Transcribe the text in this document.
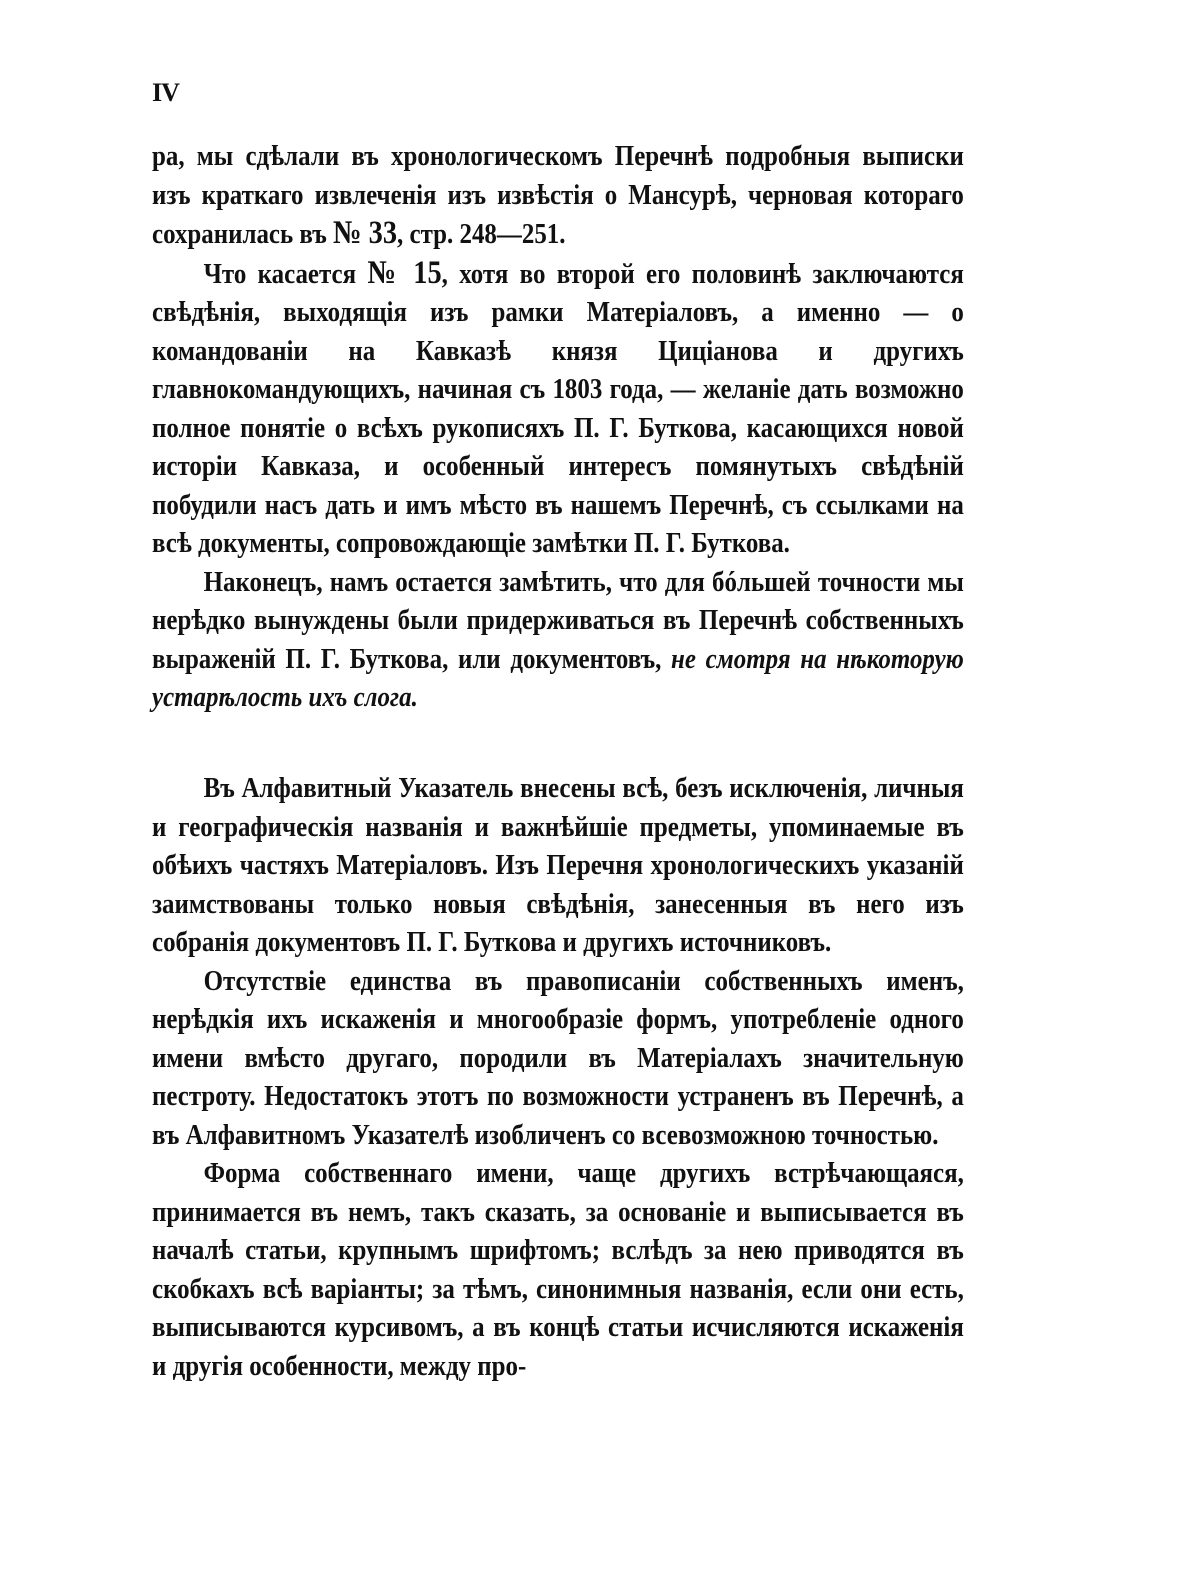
IV

ра, мы сдѣлали въ хронологическомъ Перечнѣ подробныя выписки изъ краткаго извлеченія изъ извѣстія о Мансурѣ, черновая котораго сохранилась въ № 33, стр. 248—251.

Что касается № 15, хотя во второй его половинѣ заключаются свѣдѣнія, выходящія изъ рамки Матеріаловъ, а именно — о командованіи на Кавказѣ князя Циціанова и другихъ главнокомандующихъ, начиная съ 1803 года, — желаніе дать возможно полное понятіе о всѣхъ рукописяхъ П. Г. Буткова, касающихся новой исторіи Кавказа, и особенный интересъ помянутыхъ свѣдѣній побудили насъ дать и имъ мѣсто въ нашемъ Перечнѣ, съ ссылками на всѣ документы, сопровождающіе замѣтки П. Г. Буткова.

Наконецъ, намъ остается замѣтить, что для бóльшей точности мы нерѣдко вынуждены были придерживаться въ Перечнѣ собственныхъ выраженій П. Г. Буткова, или документовъ, не смотря на нѣкоторую устарѣлость ихъ слога.

Въ Алфавитный Указатель внесены всѣ, безъ исключенія, личныя и географическія названія и важнѣйшіе предметы, упоминаемые въ обѣихъ частяхъ Матеріаловъ. Изъ Перечня хронологическихъ указаній заимствованы только новыя свѣдѣнія, занесенныя въ него изъ собранія документовъ П. Г. Буткова и другихъ источниковъ.

Отсутствіе единства въ правописаніи собственныхъ именъ, нерѣдкія ихъ искаженія и многообразіе формъ, употребленіе одного имени вмѣсто другаго, породили въ Матеріалахъ значительную пестроту. Недостатокъ этотъ по возможности устраненъ въ Перечнѣ, а въ Алфавитномъ Указателѣ изобличенъ со всевозможною точностью.

Форма собственнаго имени, чаще другихъ встрѣчающаяся, принимается въ немъ, такъ сказать, за основаніе и выписывается въ началѣ статьи, крупнымъ шрифтомъ; вслѣдъ за нею приводятся въ скобкахъ всѣ варіанты; за тѣмъ, синонимныя названія, если они есть, выписываются курсивомъ, а въ концѣ статьи исчисляются искаженія и другія особенности, между про-
